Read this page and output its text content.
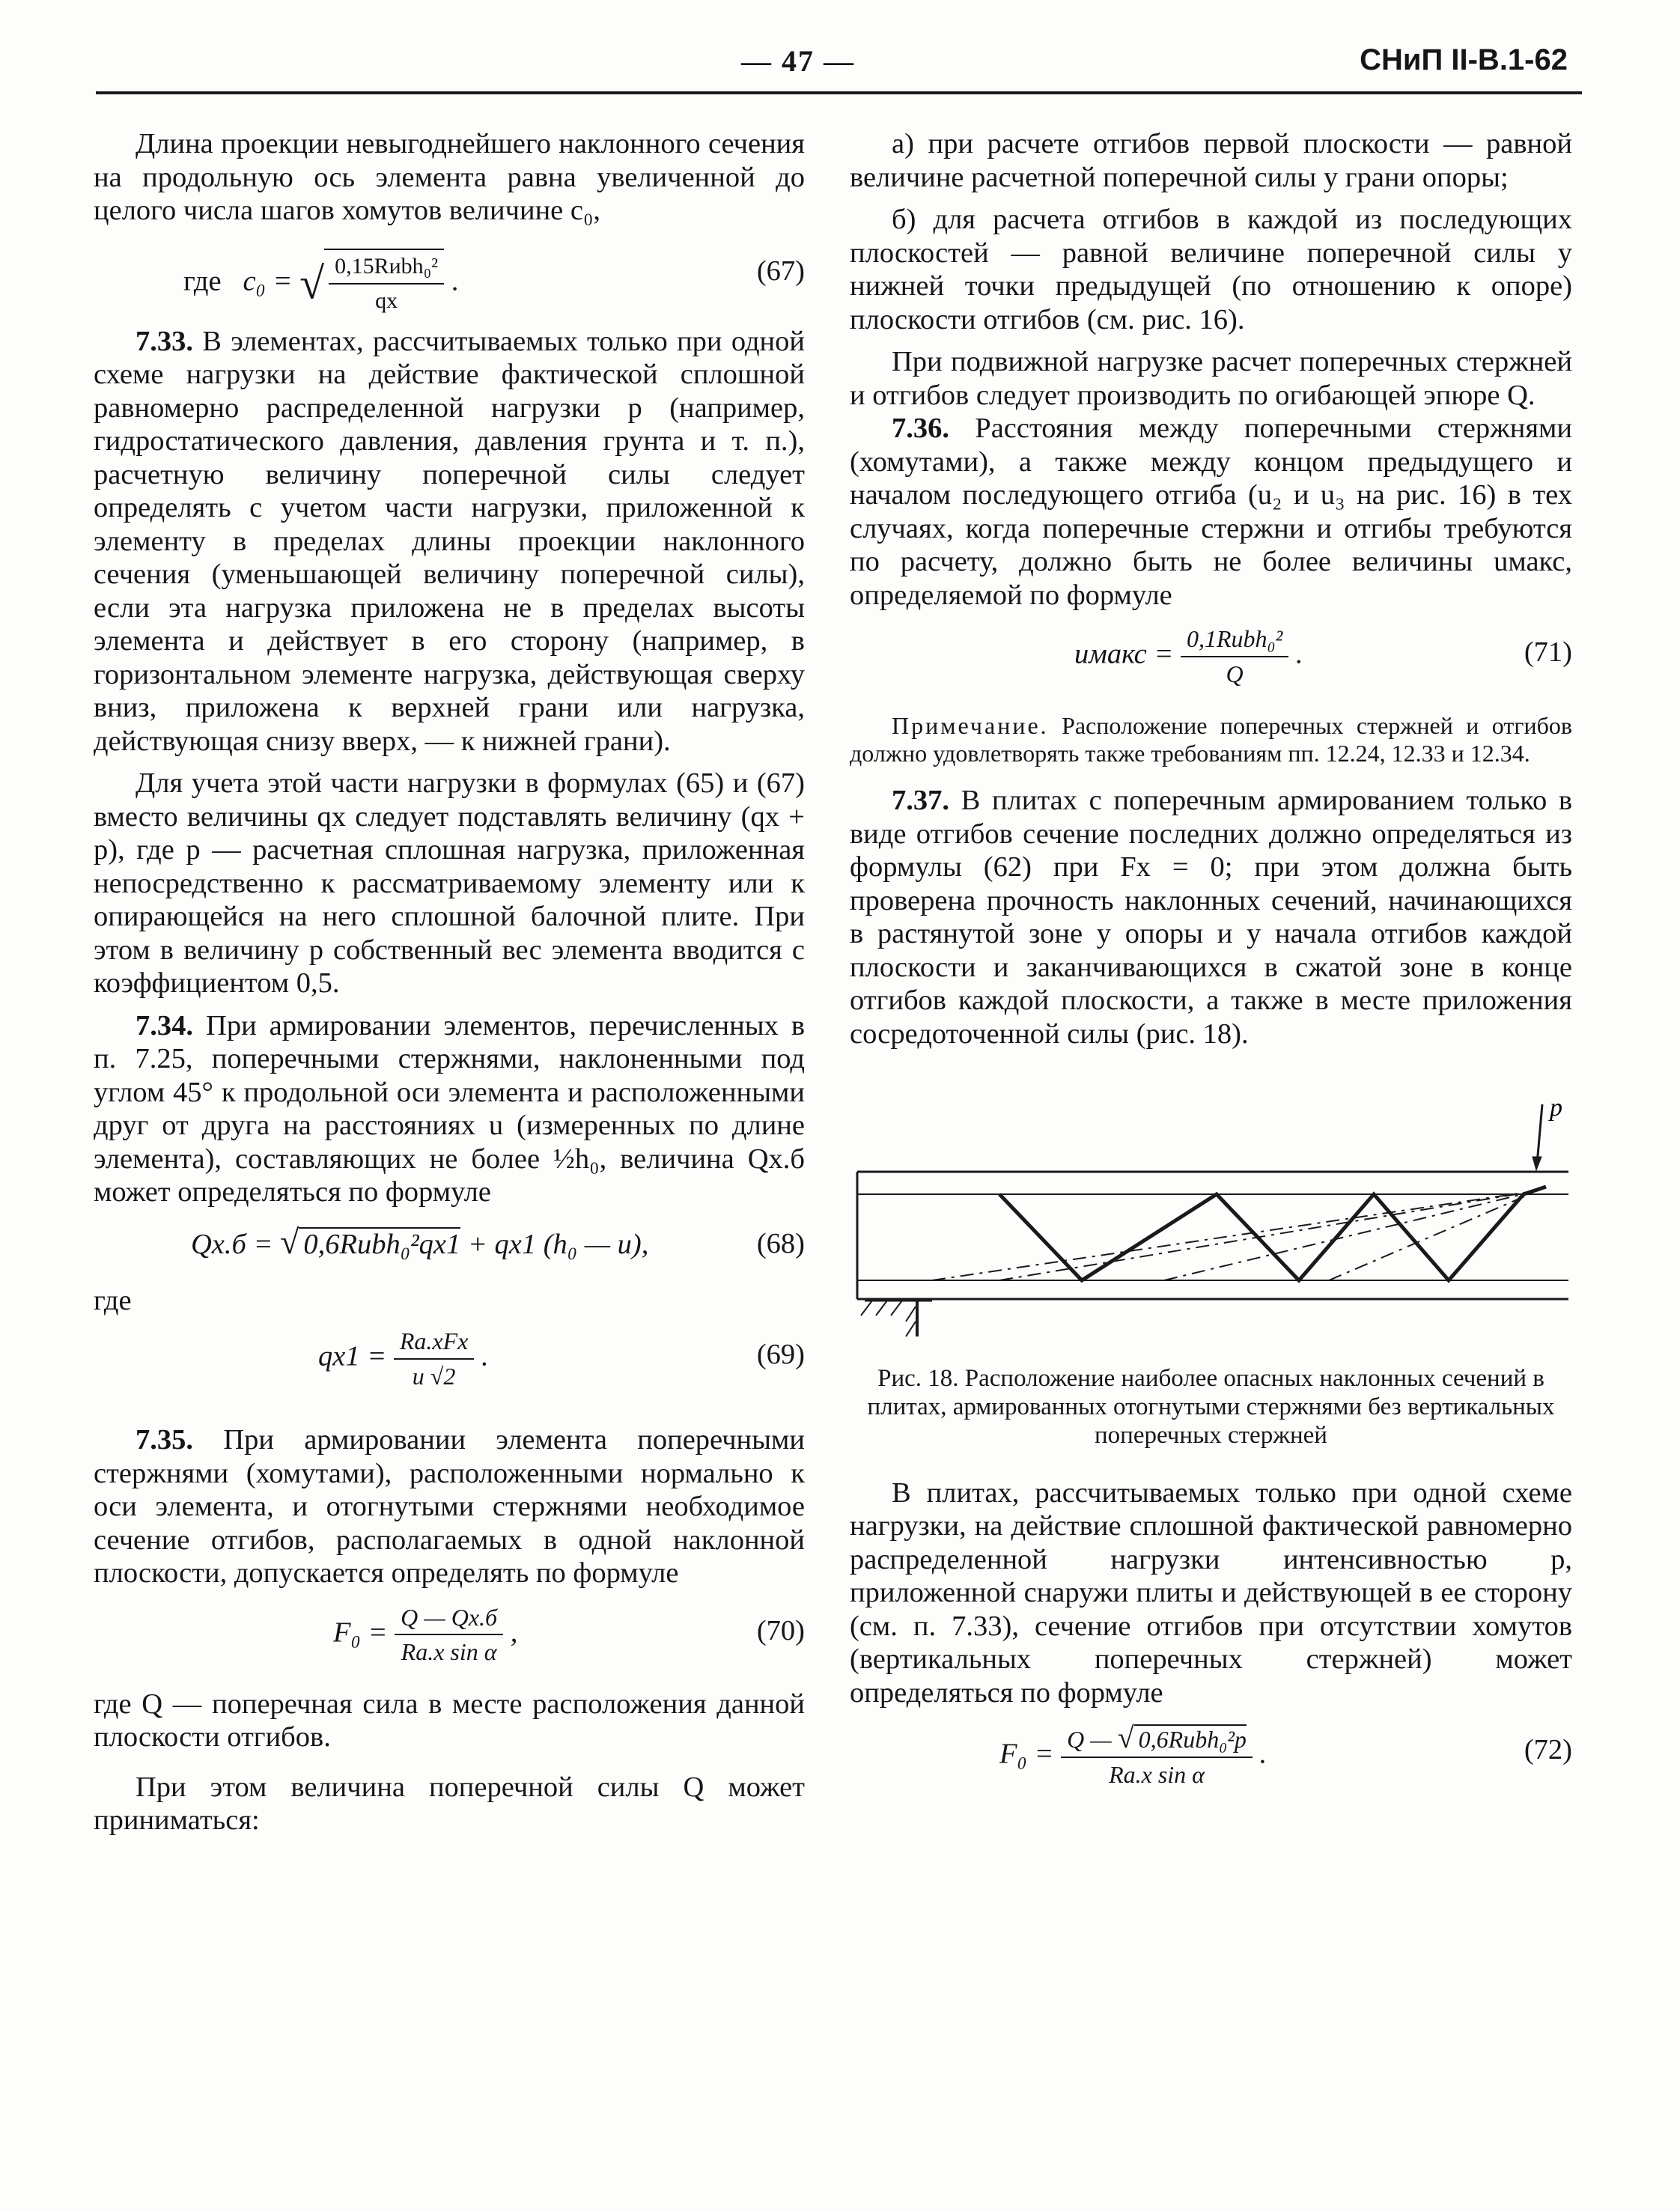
— 47 —	СНиП II-В.1-62

Длина проекции невыгоднейшего наклонного сечения на продольную ось элемента равна увеличенной до целого числа шагов хомутов величине c₀,

где c₀ = √ $\frac{\text{0,15Rиbh₀²}}{qx}$ .	(67)

7.33. В элементах, рассчитываемых только при одной схеме нагрузки на действие фактической сплошной равномерно распределенной нагрузки p (например, гидростатического давления, давления грунта и т. п.), расчетную величину поперечной силы следует определять с учетом части нагрузки, приложенной к элементу в пределах длины проекции наклонного сечения (уменьшающей величину поперечной силы), если эта нагрузка приложена не в пределах высоты элемента и действует в его сторону (например, в горизонтальном элементе нагрузка, действующая сверху вниз, приложена к верхней грани или нагрузка, действующая снизу вверх, — к нижней грани).

Для учета этой части нагрузки в формулах (65) и (67) вместо величины qx следует подставлять величину (qx + p), где p — расчетная сплошная нагрузка, приложенная непосредственно к рассматриваемому элементу или к опирающейся на него сплошной балочной плите. При этом в величину p собственный вес элемента вводится с коэффициентом 0,5.

7.34. При армировании элементов, перечисленных в п. 7.25, поперечными стержнями, наклоненными под углом 45° к продольной оси элемента и расположенными друг от друга на расстояниях u (измеренных по длине элемента), составляющих не более ½h₀, величина Qx.б может определяться по формуле

Qx.б = √ 0,6Rиbh₀²qx1 + qx1 (h₀ — u),	(68)

где

$qx1 = \frac{\text{Ra.xFx}}{u √2}$ .	(69)

7.35. При армировании элемента поперечными стержнями (хомутами), расположенными нормально к оси элемента, и отогнутыми стержнями необходимое сечение отгибов, располагаемых в одной наклонной плоскости, допускается определять по формуле

$F_0 = \frac{Q — Qx.б}{\text{Ra.x sin α}}$ ,	(70)

где Q — поперечная сила в месте расположения данной плоскости отгибов.

При этом величина поперечной силы Q может приниматься:

а) при расчете отгибов первой плоскости — равной величине расчетной поперечной силы у грани опоры;

б) для расчета отгибов в каждой из последующих плоскостей — равной величине поперечной силы у нижней точки предыдущей (по отношению к опоре) плоскости отгибов (см. рис. 16).

При подвижной нагрузке расчет поперечных стержней и отгибов следует производить по огибающей эпюре Q.

7.36. Расстояния между поперечными стержнями (хомутами), а также между концом предыдущего и началом последующего отгиба (u₂ и u₃ на рис. 16) в тех случаях, когда поперечные стержни и отгибы требуются по расчету, должно быть не более величины uмакс, определяемой по формуле

uмакс = $\frac{\text{0,1Rиbh₀²}}{Q}$ .	(71)

Примечание. Расположение поперечных стержней и отгибов должно удовлетворять также требованиям пп. 12.24, 12.33 и 12.34.

7.37. В плитах с поперечным армированием только в виде отгибов сечение последних должно определяться из формулы (62) при Fx = 0; при этом должна быть проверена прочность наклонных сечений, начинающихся в растянутой зоне у опоры и у начала отгибов каждой плоскости и заканчивающихся в сжатой зоне в конце отгибов каждой плоскости, а также в месте приложения сосредоточенной силы (рис. 18).

p

Рис. 18. Расположение наиболее опасных наклонных сечений в плитах, армированных отогнутыми стержнями без вертикальных поперечных стержней

В плитах, рассчитываемых только при одной схеме нагрузки, на действие сплошной фактической равномерно распределенной нагрузки интенсивностью p, приложенной снаружи плиты и действующей в ее сторону (см. п. 7.33), сечение отгибов при отсутствии хомутов (вертикальных поперечных стержней) может определяться по формуле

$F_0 = \frac{\text{Q — √ 0,6Rиbh₀²p}}{\text{Ra.x sin α}}$ .	(72)
